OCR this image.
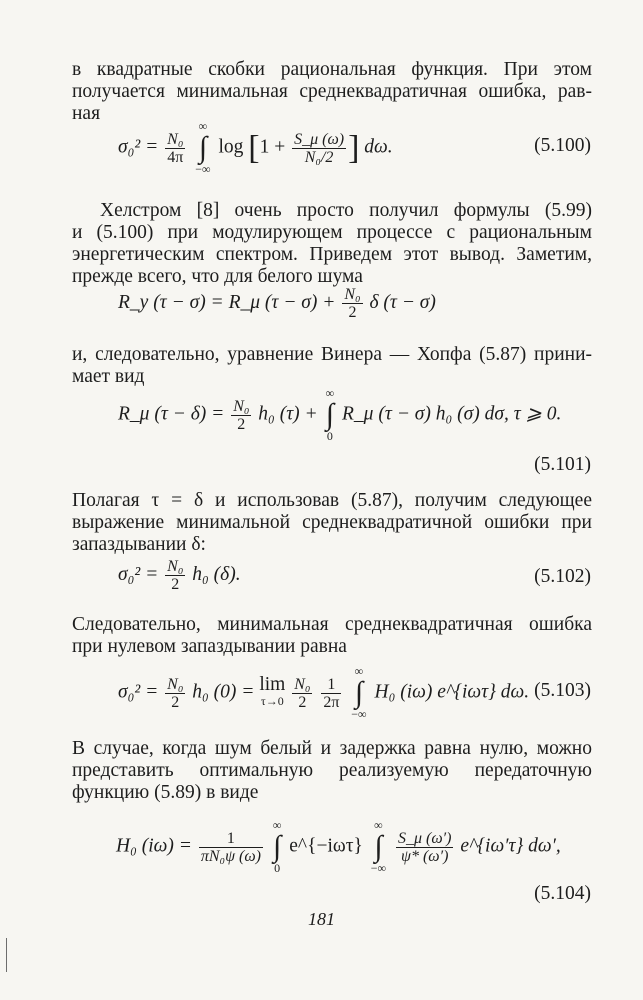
в квадратные скобки рациональная функция. При этом
получается минимальная среднеквадратичная ошибка, рав-
ная
$\sigma_0^2 = \frac{\text{N₀}}{4\pi}$

∞
∫
−∞
$\log [1 + \frac{S\_\mu (\omega)}{\text{N₀/2}}$ ] dω.	(5.100)
Хелстром [8] очень просто получил формулы (5.99)
и (5.100) при модулирующем процессе с рациональным
энергетическим спектром. Приведем этот вывод. Заметим,
прежде всего, что для белого шума
R_y (τ − σ) = R_μ $(\tau - \sigma) + \frac{\text{N₀}}{2}$ δ (τ − σ)
и, следовательно, уравнение Винера — Хопфа (5.87) прини-
мает вид
R_μ $(\tau - \delta) = \frac{\text{N₀}}{2} h_0$ (τ) +
∞
∫
0
R_μ (τ − σ) h₀ (σ) dσ, τ ⩾ 0.
(5.101)
Полагая τ = δ и использовав (5.87), получим следующее
выражение минимальной среднеквадратичной ошибки при
запаздывании δ:
$\sigma_0^2 = \frac{\text{N₀}}{2} h_0$ (δ).	(5.102)
Следовательно, минимальная среднеквадратичная ошибка
при нулевом запаздывании равна
$\sigma_0^2 = \frac{\text{N₀}}{2} h_0$ (0) = lim
τ→0
$\frac{\text{N₀}}{2}$
$\frac{1}{2\pi}$

∞
∫
−∞
H₀ (iω) e^{iωτ} dω. (5.103)
В случае, когда шум белый и задержка равна нулю, можно
представить оптимальную реализуемую передаточную
функцию (5.89) в виде
H₀ $(i\omega) = \frac{1}{\text{πN₀ψ (ω)}}$

∞
∫
0
e^{−iωτ}
∞
∫
−∞

$\frac{S\_\mu (\omega')}{\psi* (\omega')}$ e^{iω′τ} dω′,
(5.104)
181
